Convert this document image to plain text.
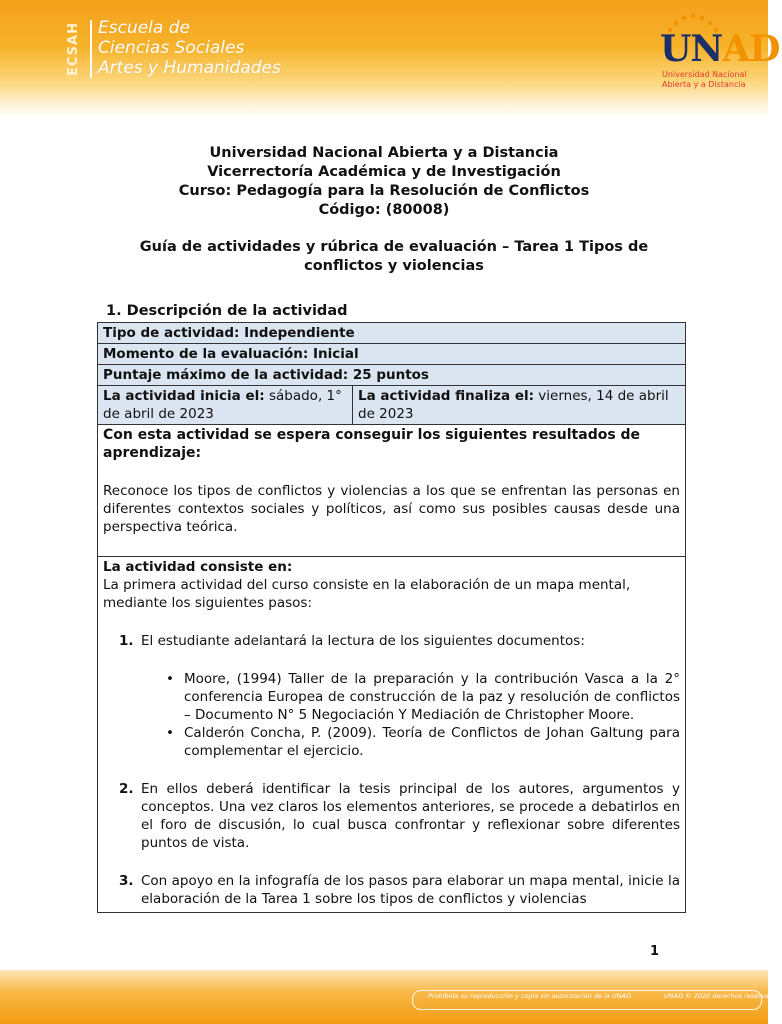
ECSAH	Escuela de
Ciencias Sociales
Artes y Humanidades	UNAD
Universidad Nacional
Abierta y a Distancia
Universidad Nacional Abierta y a Distancia
Vicerrectoría Académica y de Investigación
Curso: Pedagogía para la Resolución de Conflictos
Código: (80008)
Guía de actividades y rúbrica de evaluación – Tarea 1 Tipos de conflictos y violencias
1. Descripción de la actividad
Tipo de actividad: Independiente
Momento de la evaluación: Inicial
Puntaje máximo de la actividad: 25 puntos
La actividad inicia el: sábado, 1° de abril de 2023	La actividad finaliza el: viernes, 14 de abril de 2023

Con esta actividad se espera conseguir los siguientes resultados de aprendizaje:
Reconoce los tipos de conflictos y violencias a los que se enfrentan las personas en diferentes contextos sociales y políticos, así como sus posibles causas desde una perspectiva teórica.

La actividad consiste en:
La primera actividad del curso consiste en la elaboración de un mapa mental, mediante los siguientes pasos:
1. El estudiante adelantará la lectura de los siguientes documentos:
• Moore, (1994) Taller de la preparación y la contribución Vasca a la 2° conferencia Europea de construcción de la paz y resolución de conflictos – Documento N° 5 Negociación Y Mediación de Christopher Moore.
• Calderón Concha, P. (2009). Teoría de Conflictos de Johan Galtung para complementar el ejercicio.
2. En ellos deberá identificar la tesis principal de los autores, argumentos y conceptos. Una vez claros los elementos anteriores, se procede a debatirlos en el foro de discusión, lo cual busca confrontar y reflexionar sobre diferentes puntos de vista.
3. Con apoyo en la infografía de los pasos para elaborar un mapa mental, inicie la elaboración de la Tarea 1 sobre los tipos de conflictos y violencias
1
Prohibida su reproducción y copia sin autorización de la UNAD.	UNAD © 2020 derechos reservados.
